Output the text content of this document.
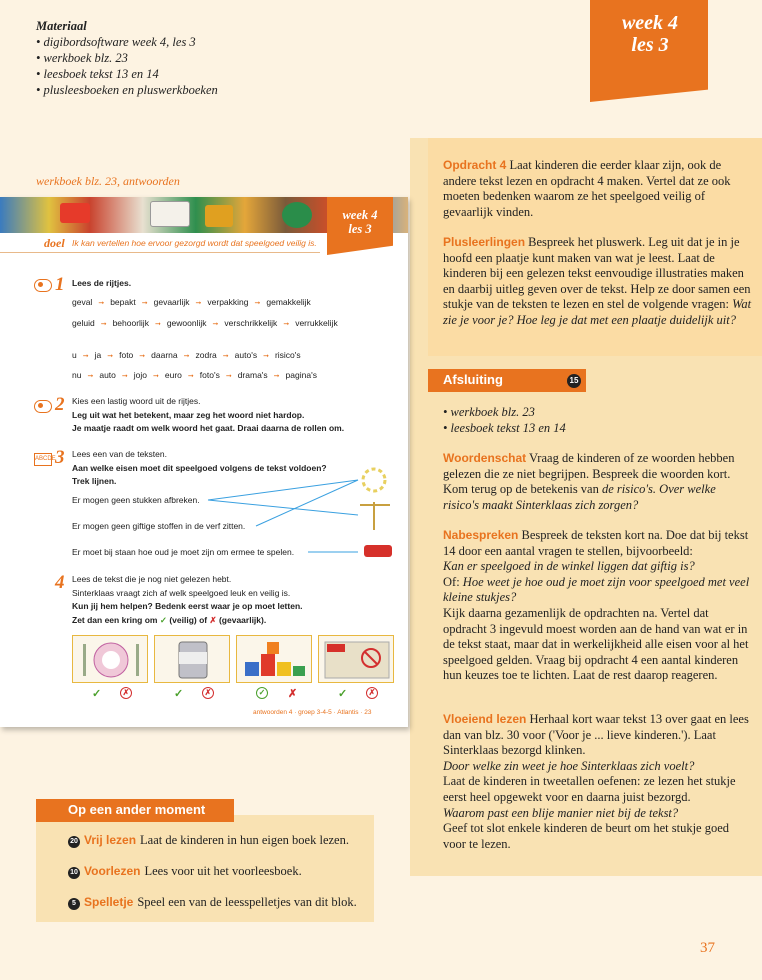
Materiaal
• digibordsoftware week 4, les 3
• werkboek blz. 23
• leesboek tekst 13 en 14
• plusleesboeken en pluswerkboeken
week 4
les 3
Opdracht 4 Laat kinderen die eerder klaar zijn, ook de andere tekst lezen en opdracht 4 maken. Vertel dat ze ook moeten bedenken waarom ze het speelgoed veilig of gevaarlijk vinden.
Plusleerlingen Bespreek het pluswerk. Leg uit dat je in je hoofd een plaatje kunt maken van wat je leest. Laat de kinderen bij een gelezen tekst eenvoudige illustraties maken en daarbij uitleg geven over de tekst. Help ze door samen een stukje van de teksten te lezen en stel de volgende vragen: Wat zie je voor je? Hoe leg je dat met een plaatje duidelijk uit?
Afsluiting	15
• werkboek blz. 23
• leesboek tekst 13 en 14
Woordenschat Vraag de kinderen of ze woorden hebben gelezen die ze niet begrijpen. Bespreek die woorden kort. Kom terug op de betekenis van de risico's. Over welke risico's maakt Sinterklaas zich zorgen?
Nabespreken Bespreek de teksten kort na. Doe dat bij tekst 14 door een aantal vragen te stellen, bijvoorbeeld:
Kan er speelgoed in de winkel liggen dat giftig is?
Of: Hoe weet je hoe oud je moet zijn voor speelgoed met veel kleine stukjes?
Kijk daarna gezamenlijk de opdrachten na. Vertel dat opdracht 3 ingevuld moest worden aan de hand van wat er in de tekst staat, maar dat in werkelijkheid alle eisen voor al het speelgoed gelden. Vraag bij opdracht 4 een aantal kinderen hun keuzes toe te lichten. Laat de rest daarop reageren.
Vloeiend lezen Herhaal kort waar tekst 13 over gaat en lees dan van blz. 30 voor ('Voor je ... lieve kinderen.'). Laat Sinterklaas bezorgd klinken.
Door welke zin weet je hoe Sinterklaas zich voelt?
Laat de kinderen in tweetallen oefenen: ze lezen het stukje eerst heel opgewekt voor en daarna juist bezorgd.
Waarom past een blije manier niet bij de tekst?
Geef tot slot enkele kinderen de beurt om het stukje goed voor te lezen.
werkboek blz. 23, antwoorden
week 4
les 3
doel Ik kan vertellen hoe ervoor gezorgd wordt dat speelgoed veilig is.
1 Lees de rijtjes.
geval ➞ bepakt ➞ gevaarlijk ➞ verpakking ➞ gemakkelijk
geluid ➞ behoorlijk ➞ gewoonlijk ➞ verschrikkelijk ➞ verrukkelijk
u ➞ ja ➞ foto ➞ daarna ➞ zodra ➞ auto's ➞ risico's
nu ➞ auto ➞ jojo ➞ euro ➞ foto's ➞ drama's ➞ pagina's
2 Kies een lastig woord uit de rijtjes.
Leg uit wat het betekent, maar zeg het woord niet hardop.
Je maatje raadt om welk woord het gaat. Draai daarna de rollen om.
ABCDE 3 Lees een van de teksten.
Aan welke eisen moet dit speelgoed volgens de tekst voldoen?
Trek lijnen.
Er mogen geen stukken afbreken.
Er mogen geen giftige stoffen in de verf zitten.
Er moet bij staan hoe oud je moet zijn om ermee te spelen.
4 Lees de tekst die je nog niet gelezen hebt.
Sinterklaas vraagt zich af welk speelgoed leuk en veilig is.
Kun jij hem helpen? Bedenk eerst waar je op moet letten.
Zet dan een kring om ✓ (veilig) of ✗ (gevaarlijk).
✓	✗	✓	✗	✓ ✗	✓	✗
antwoorden 4 · groep 3-4-5 · Atlantis · 23
Op een ander moment
20 Vrij lezen Laat de kinderen in hun eigen boek lezen.
10 Voorlezen Lees voor uit het voorleesboek.
5 Spelletje Speel een van de leesspelletjes van dit blok.
37
